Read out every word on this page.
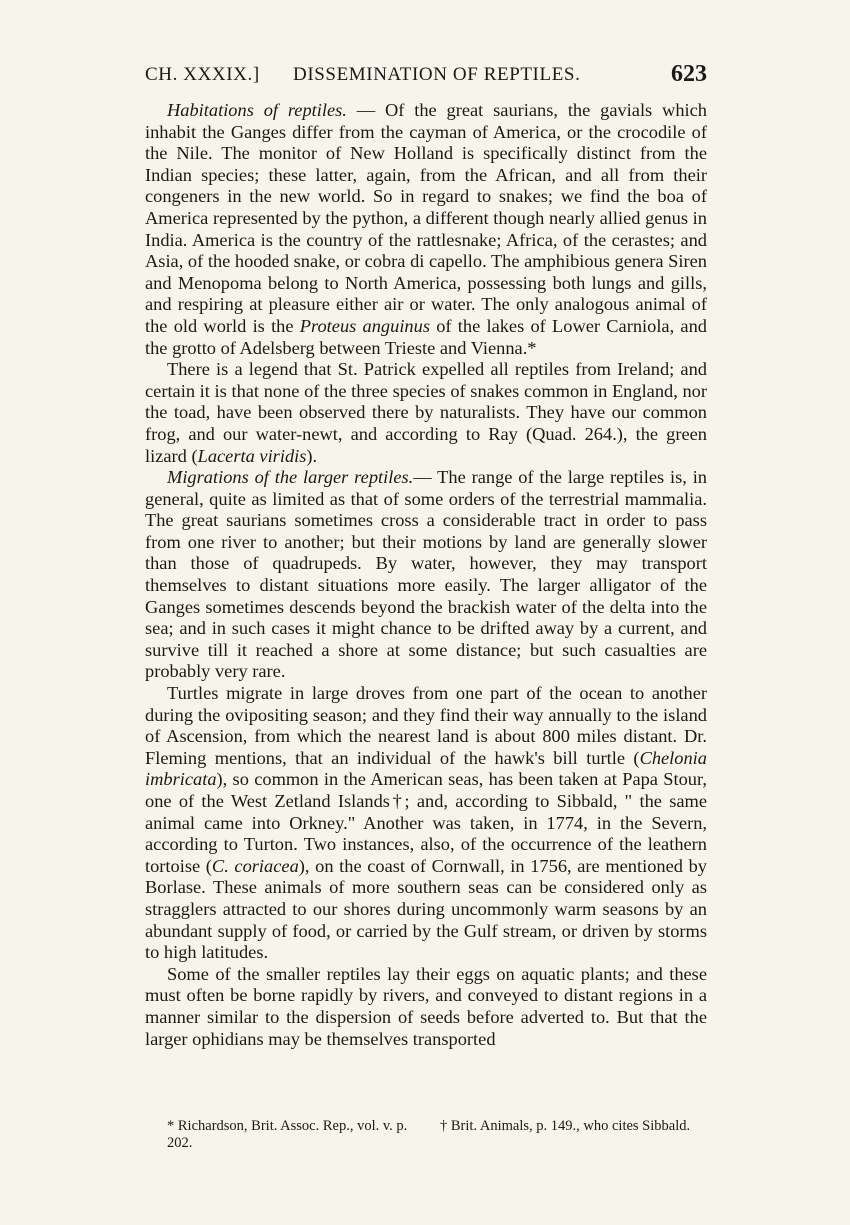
CH. XXXIX.] DISSEMINATION OF REPTILES.	623

Habitations of reptiles. — Of the great saurians, the gavials which inhabit the Ganges differ from the cayman of America, or the crocodile of the Nile. The monitor of New Holland is specifically distinct from the Indian species; these latter, again, from the African, and all from their congeners in the new world. So in regard to snakes; we find the boa of America represented by the python, a different though nearly allied genus in India. America is the country of the rattlesnake; Africa, of the cerastes; and Asia, of the hooded snake, or cobra di capello. The amphibious genera Siren and Menopoma belong to North America, possessing both lungs and gills, and respiring at pleasure either air or water. The only analogous animal of the old world is the Proteus anguinus of the lakes of Lower Carniola, and the grotto of Adelsberg between Trieste and Vienna.*

There is a legend that St. Patrick expelled all reptiles from Ireland; and certain it is that none of the three species of snakes common in England, nor the toad, have been observed there by naturalists. They have our common frog, and our water-newt, and according to Ray (Quad. 264.), the green lizard (Lacerta viridis).

Migrations of the larger reptiles.— The range of the large reptiles is, in general, quite as limited as that of some orders of the terrestrial mammalia. The great saurians sometimes cross a considerable tract in order to pass from one river to another; but their motions by land are generally slower than those of quadrupeds. By water, however, they may transport themselves to distant situations more easily. The larger alligator of the Ganges sometimes descends beyond the brackish water of the delta into the sea; and in such cases it might chance to be drifted away by a current, and survive till it reached a shore at some distance; but such casualties are probably very rare.

Turtles migrate in large droves from one part of the ocean to another during the ovipositing season; and they find their way annually to the island of Ascension, from which the nearest land is about 800 miles distant. Dr. Fleming mentions, that an individual of the hawk's bill turtle (Chelonia imbricata), so common in the American seas, has been taken at Papa Stour, one of the West Zetland Islands†; and, according to Sibbald, " the same animal came into Orkney." Another was taken, in 1774, in the Severn, according to Turton. Two instances, also, of the occurrence of the leathern tortoise (C. coriacea), on the coast of Cornwall, in 1756, are mentioned by Borlase. These animals of more southern seas can be considered only as stragglers attracted to our shores during uncommonly warm seasons by an abundant supply of food, or carried by the Gulf stream, or driven by storms to high latitudes.

Some of the smaller reptiles lay their eggs on aquatic plants; and these must often be borne rapidly by rivers, and conveyed to distant regions in a manner similar to the dispersion of seeds before adverted to. But that the larger ophidians may be themselves transported

* Richardson, Brit. Assoc. Rep., vol. v. p. 202.
† Brit. Animals, p. 149., who cites Sibbald.
